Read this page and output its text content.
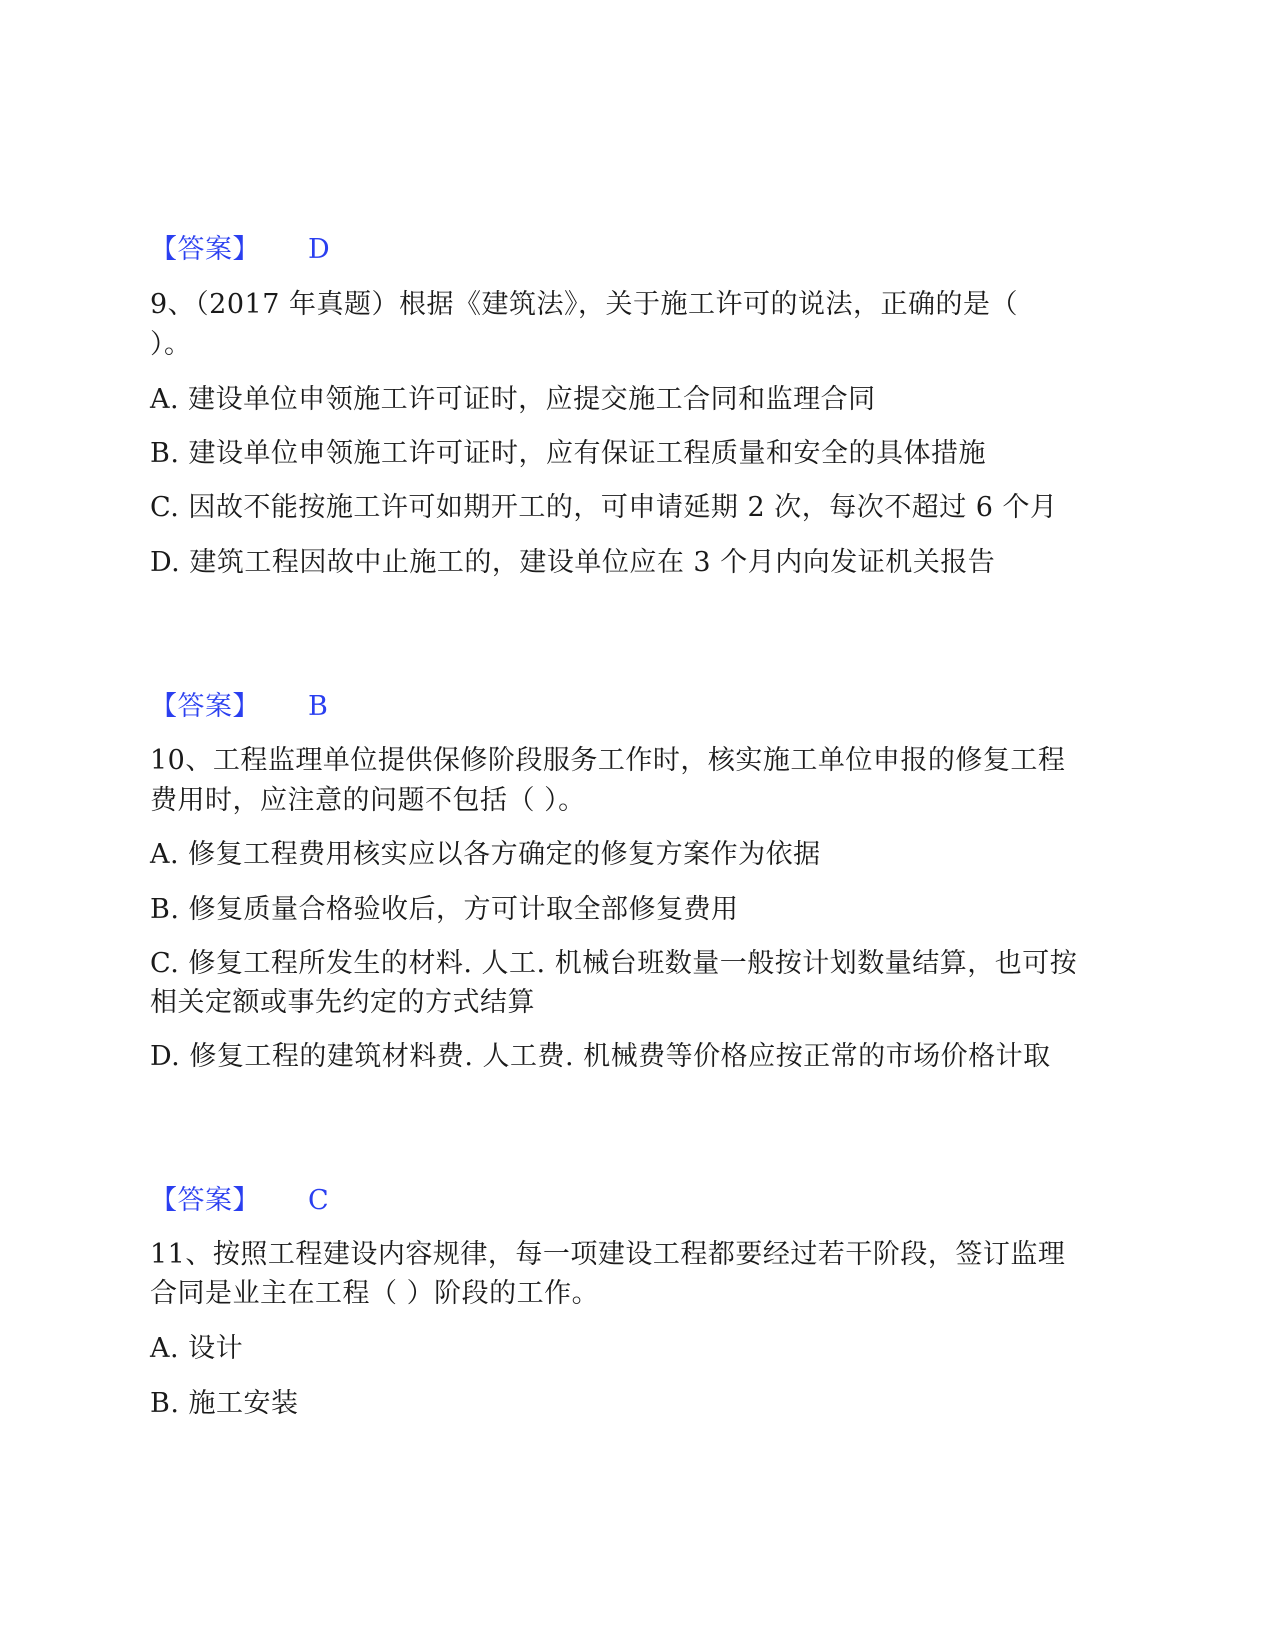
【答案】 D
9、（2017 年真题）根据《建筑法》，关于施工许可的说法，正确的是（
）。
A. 建设单位申领施工许可证时，应提交施工合同和监理合同
B. 建设单位申领施工许可证时，应有保证工程质量和安全的具体措施
C. 因故不能按施工许可如期开工的，可申请延期 2 次，每次不超过 6 个月
D. 建筑工程因故中止施工的，建设单位应在 3 个月内向发证机关报告
【答案】 B
10、工程监理单位提供保修阶段服务工作时，核实施工单位申报的修复工程
费用时，应注意的问题不包括（ ）。
A. 修复工程费用核实应以各方确定的修复方案作为依据
B. 修复质量合格验收后，方可计取全部修复费用
C. 修复工程所发生的材料. 人工. 机械台班数量一般按计划数量结算，也可按
相关定额或事先约定的方式结算
D. 修复工程的建筑材料费. 人工费. 机械费等价格应按正常的市场价格计取
【答案】 C
11、按照工程建设内容规律，每一项建设工程都要经过若干阶段，签订监理
合同是业主在工程（ ）阶段的工作。
A. 设计
B. 施工安装
